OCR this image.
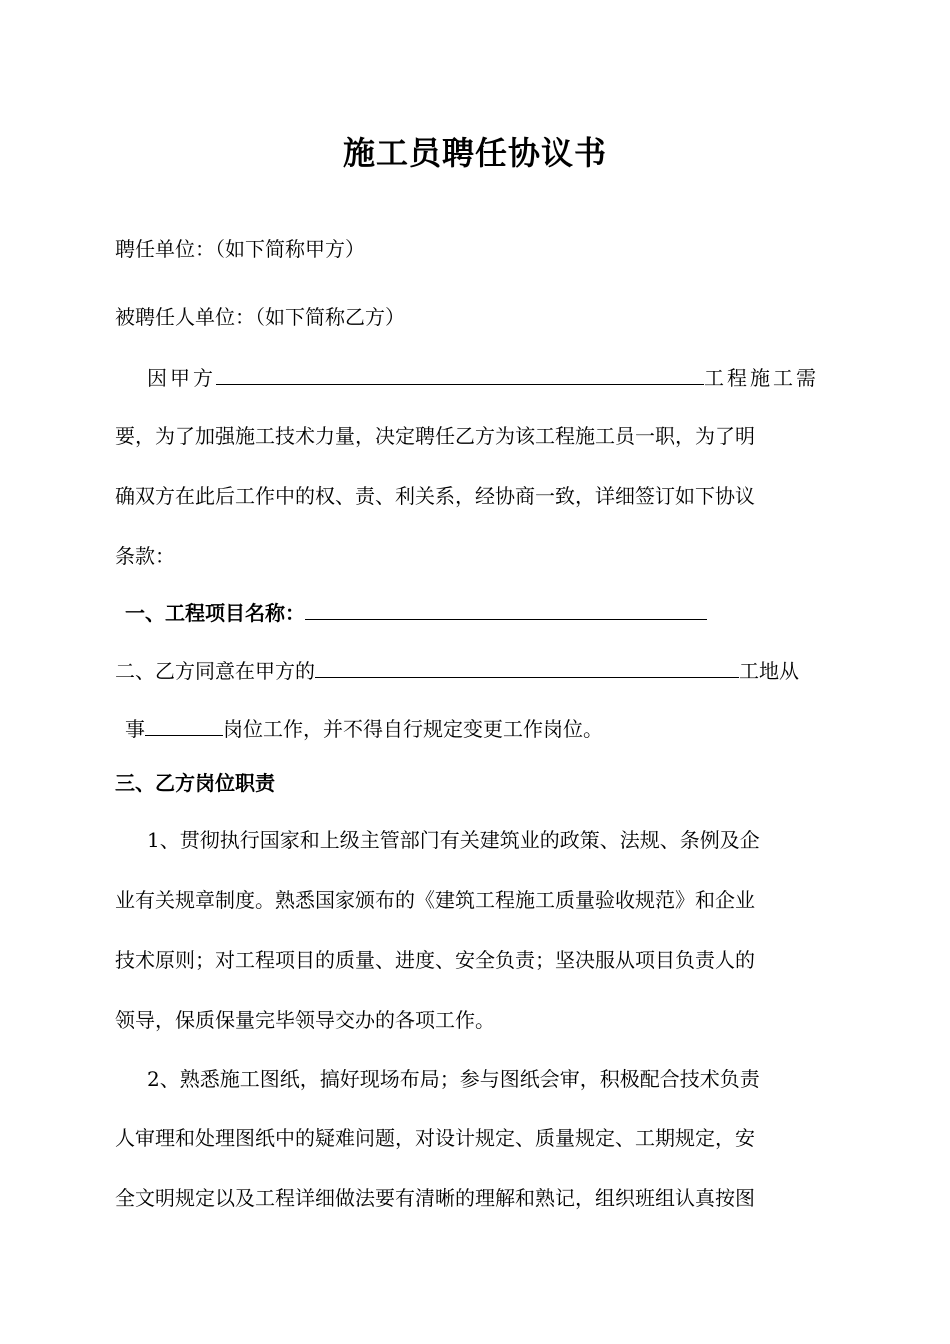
施工员聘任协议书
聘任单位：（如下简称甲方）
被聘任人单位：（如下简称乙方）
因甲方	工程施工需
要，为了加强施工技术力量，决定聘任乙方为该工程施工员一职，为了明
确双方在此后工作中的权、责、利关系，经协商一致，详细签订如下协议
条款：
一、工程项目名称：
二、乙方同意在甲方的	工地从
事	岗位工作，并不得自行规定变更工作岗位。
三、乙方岗位职责
1、贯彻执行国家和上级主管部门有关建筑业的政策、法规、条例及企
业有关规章制度。熟悉国家颁布的《建筑工程施工质量验收规范》和企业
技术原则；对工程项目的质量、进度、安全负责；坚决服从项目负责人的
领导，保质保量完毕领导交办的各项工作。
2、熟悉施工图纸，搞好现场布局；参与图纸会审，积极配合技术负责
人审理和处理图纸中的疑难问题，对设计规定、质量规定、工期规定，安
全文明规定以及工程详细做法要有清晰的理解和熟记，组织班组认真按图
